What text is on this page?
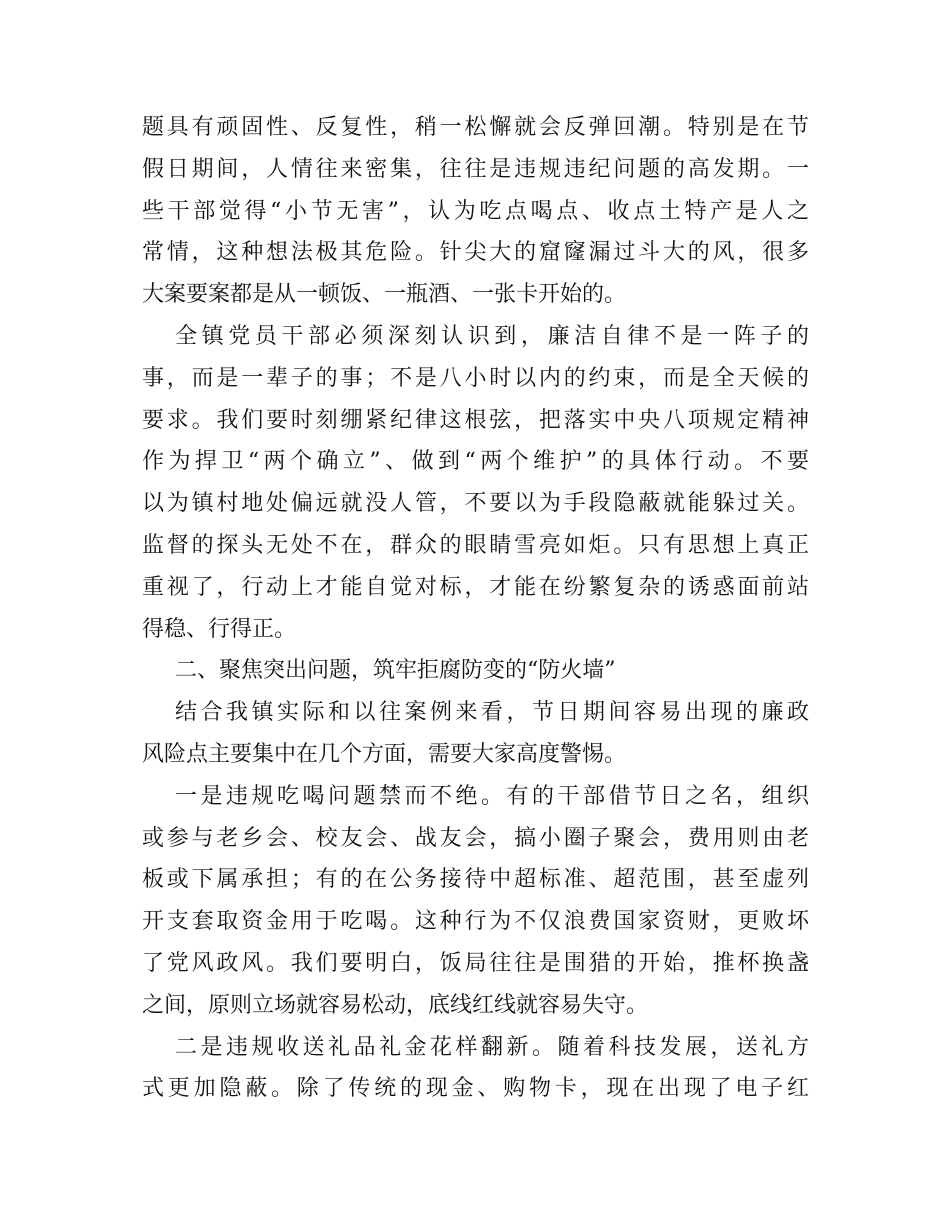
题具有顽固性、反复性，稍一松懈就会反弹回潮。特别是在节
假日期间，人情往来密集，往往是违规违纪问题的高发期。一
些干部觉得“小节无害”，认为吃点喝点、收点土特产是人之
常情，这种想法极其危险。针尖大的窟窿漏过斗大的风，很多
大案要案都是从一顿饭、一瓶酒、一张卡开始的。
全镇党员干部必须深刻认识到，廉洁自律不是一阵子的
事，而是一辈子的事；不是八小时以内的约束，而是全天候的
要求。我们要时刻绷紧纪律这根弦，把落实中央八项规定精神
作为捍卫“两个确立”、做到“两个维护”的具体行动。不要
以为镇村地处偏远就没人管，不要以为手段隐蔽就能躲过关。
监督的探头无处不在，群众的眼睛雪亮如炬。只有思想上真正
重视了，行动上才能自觉对标，才能在纷繁复杂的诱惑面前站
得稳、行得正。
二、聚焦突出问题，筑牢拒腐防变的“防火墙”
结合我镇实际和以往案例来看，节日期间容易出现的廉政
风险点主要集中在几个方面，需要大家高度警惕。
一是违规吃喝问题禁而不绝。有的干部借节日之名，组织
或参与老乡会、校友会、战友会，搞小圈子聚会，费用则由老
板或下属承担；有的在公务接待中超标准、超范围，甚至虚列
开支套取资金用于吃喝。这种行为不仅浪费国家资财，更败坏
了党风政风。我们要明白，饭局往往是围猎的开始，推杯换盏
之间，原则立场就容易松动，底线红线就容易失守。
二是违规收送礼品礼金花样翻新。随着科技发展，送礼方
式更加隐蔽。除了传统的现金、购物卡，现在出现了电子红
